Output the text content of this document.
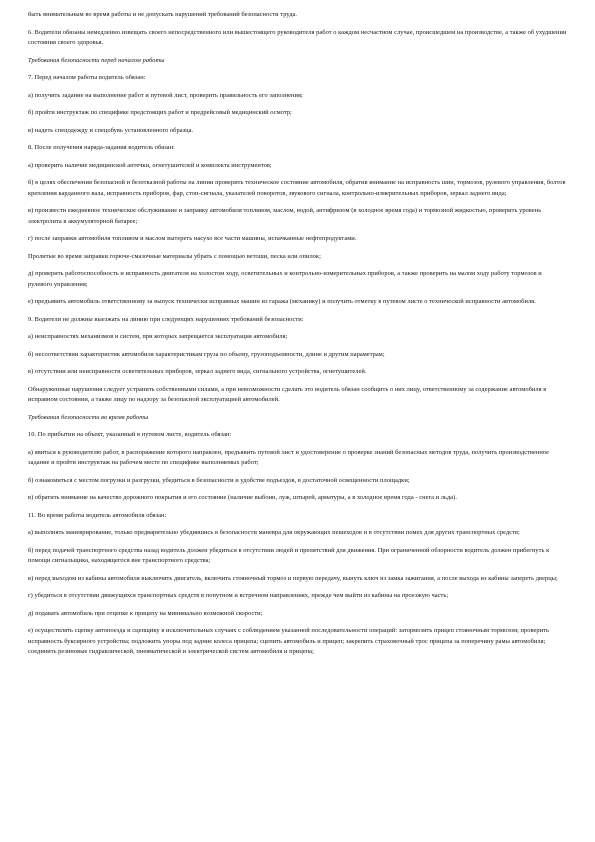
быть внимательным во время работы и не допускать нарушений требований безопасности труда.

6. Водители обязаны немедленно извещать своего непосредственного или вышестоящего руководителя работ о каждом несчастном случае, происшедшем на производстве, а также об ухудшении состояния своего здоровья.

Требования безопасности перед началом работы

7. Перед началом работы водитель обязан:

а) получить задание на выполнение работ и путевой лист, проверить правильность его заполнения;

б) пройти инструктаж по специфике предстоящих работ и предрейсовый медицинский осмотр;

в) надеть спецодежду и спецобувь установленного образца.

8. После получения наряда-задания водитель обязан:

а) проверить наличие медицинской аптечки, огнетушителей и комплекта инструментов;

б) в целях обеспечения безопасной и безотказной работы на линии проверить техническое состояние автомобиля, обратив внимание на исправность шин, тормозов, рулевого управления, болтов крепления карданного вала, исправность приборов, фар, стоп-сигнала, указателей поворотов, звукового сигнала, контрольно-измерительных приборов, зеркал заднего вида;

в) произвести ежедневное техническое обслуживание и заправку автомобиля топливом, маслом, водой, антифризом (в холодное время года) и тормозной жидкостью, проверить уровень электролита в аккумуляторной батарее;

г) после заправки автомобиля топливом и маслом вытереть насухо все части машины, испачканные нефтепродуктами.

Пролитые во время заправки горюче-смазочные материалы убрать с помощью ветоши, песка или опилок;

д) проверить работоспособность и исправность двигателя на холостом ходу, осветительных и контрольно-измерительных приборов, а также проверить на малом ходу работу тормозов и рулевого управления;

е) предъявить автомобиль ответственному за выпуск технически исправных машин из гаража (механику) и получить отметку в путевом листе о технической исправности автомобиля.

9. Водители не должны выезжать на линию при следующих нарушениях требований безопасности:

а) неисправностях механизмов и систем, при которых запрещается эксплуатация автомобиля;

б) несоответствии характеристик автомобиля характеристикам груза по объему, грузоподъемности, длине и другим параметрам;

в) отсутствии или неисправности осветительных приборов, зеркал заднего вида, сигнального устройства, огнетушителей.

Обнаруженные нарушения следует устранить собственными силами, а при невозможности сделать это водитель обязан сообщить о них лицу, ответственному за содержание автомобиля в исправном состоянии, а также лицу по надзору за безопасной эксплуатацией автомобилей.

Требования безопасности во время работы

10. По прибытии на объект, указанный в путевом листе, водитель обязан:

а) явиться к руководителю работ, в распоряжение которого направлен, предъявить путевой лист и удостоверение о проверке знаний безопасных методов труда, получить производственное задание и пройти инструктаж на рабочем месте по специфике выполняемых работ;

б) ознакомиться с местом погрузки и разгрузки, убедиться в безопасности и удобстве подъездов, в достаточной освещенности площадки;

в) обратить внимание на качество дорожного покрытия и его состояние (наличие выбоин, луж, штырей, арматуры, а в холодное время года - снега и льда).

11. Во время работы водитель автомобиля обязан:

а) выполнять маневрирование, только предварительно убедившись в безопасности маневра для окружающих пешеходов и в отсутствии помех для других транспортных средств;

б) перед подачей транспортного средства назад водитель должен убедиться в отсутствии людей и препятствий для движения. При ограниченной обзорности водитель должен прибегнуть к помощи сигнальщика, находящегося вне транспортного средства;

в) перед выходом из кабины автомобиля выключить двигатель, включить стояночный тормоз и первую передачу, вынуть ключ из замка зажигания, а после выхода из кабины запереть дверцы;

г) убедиться в отсутствии движущихся транспортных средств в попутном и встречном направлениях, прежде чем выйти из кабины на проезжую часть;

д) подавать автомобиль при отцепке к прицепу на минимально возможной скорости;

е) осуществлять сцепку автопоезда и сцепщику в исключительных случаях с соблюдением указанной последовательности операций: затормозить прицеп стояночным тормозом; проверить исправность буксирного устройства; подложить упоры под задние колеса прицепа; сцепить автомобиль и прицеп; закрепить страховочный трос прицепа за поперечину рамы автомобиля; соединить резиновые гидравлической, пневматической и электрической систем автомобиля и прицепа;
